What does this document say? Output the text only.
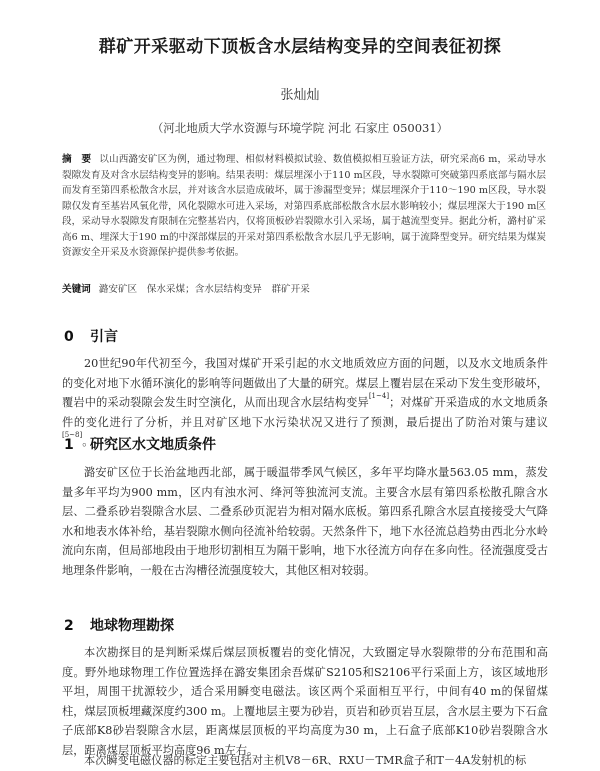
群矿开采驱动下顶板含水层结构变异的空间表征初探
张灿灿
（河北地质大学水资源与环境学院 河北 石家庄 050031）
摘　要 以山西潞安矿区为例，通过物理、相似材料模拟试验、数值模拟相互验证方法，研究采高6 m，采动导水裂隙发育及对含水层结构变异的影响。结果表明：煤层埋深小于110 m区段，导水裂隙可突破第四系底部与隔水层而发育至第四系松散含水层，并对该含水层造成破坏，属于渗漏型变异；煤层埋深介于110～190 m区段，导水裂隙仅发育至基岩风氧化带，风化裂隙水可进入采场，对第四系底部松散含水层水影响较小；煤层埋深大于190 m区段，采动导水裂隙发育限制在完整基岩内，仅将顶板砂岩裂隙水引入采场，属于越流型变异。据此分析，潞村矿采高6 m、埋深大于190 m的中深部煤层的开采对第四系松散含水层几乎无影响，属于流降型变异。研究结果为煤炭资源安全开采及水资源保护提供参考依据。
关键词 潞安矿区　保水采煤；含水层结构变异　群矿开采
0 引言
20世纪90年代初至今，我国对煤矿开采引起的水文地质效应方面的问题，以及水文地质条件的变化对地下水循环演化的影响等问题做出了大量的研究。煤层上覆岩层在采动下发生变形破坏，覆岩中的采动裂隙会发生时空演化，从而出现含水层结构变异[1~4]；对煤矿开采造成的水文地质条件的变化进行了分析，并且对矿区地下水污染状况又进行了预测，最后提出了防治对策与建议[5~8]。
1 研究区水文地质条件
潞安矿区位于长治盆地西北部，属于暖温带季风气候区，多年平均降水量563.05 mm，蒸发量多年平均为900 mm，区内有浊水河、绛河等独流河支流。主要含水层有第四系松散孔隙含水层、二叠系砂岩裂隙含水层、二叠系砂页泥岩为相对隔水底板。第四系孔隙含水层直接接受大气降水和地表水体补给，基岩裂隙水侧向径流补给较弱。天然条件下，地下水径流总趋势由西北分水岭流向东南，但局部地段由于地形切割相互为隔干影响，地下水径流方向存在多向性。径流强度受古地理条件影响，一般在古沟槽径流强度较大，其他区相对较弱。
2 地球物理勘探
本次勘探目的是判断采煤后煤层顶板覆岩的变化情况，大致圈定导水裂隙带的分布范围和高度。野外地球物理工作位置选择在潞安集团余吾煤矿S2105和S2106平行采面上方，该区域地形平坦，周围干扰源较少，适合采用瞬变电磁法。该区两个采面相互平行，中间有40 m的保留煤柱，煤层顶板埋藏深度约300 m。上覆地层主要为砂岩，页岩和砂页岩互层，含水层主要为下石盒子底部K8砂岩裂隙含水层，距离煤层顶板的平均高度为30 m，上石盒子底部K10砂岩裂隙含水层，距离煤层顶板平均高度96 m左右。
本次瞬变电磁仪器的标定主要包括对主机V8－6R、RXU－TMR盒子和T－4A发射机的标
